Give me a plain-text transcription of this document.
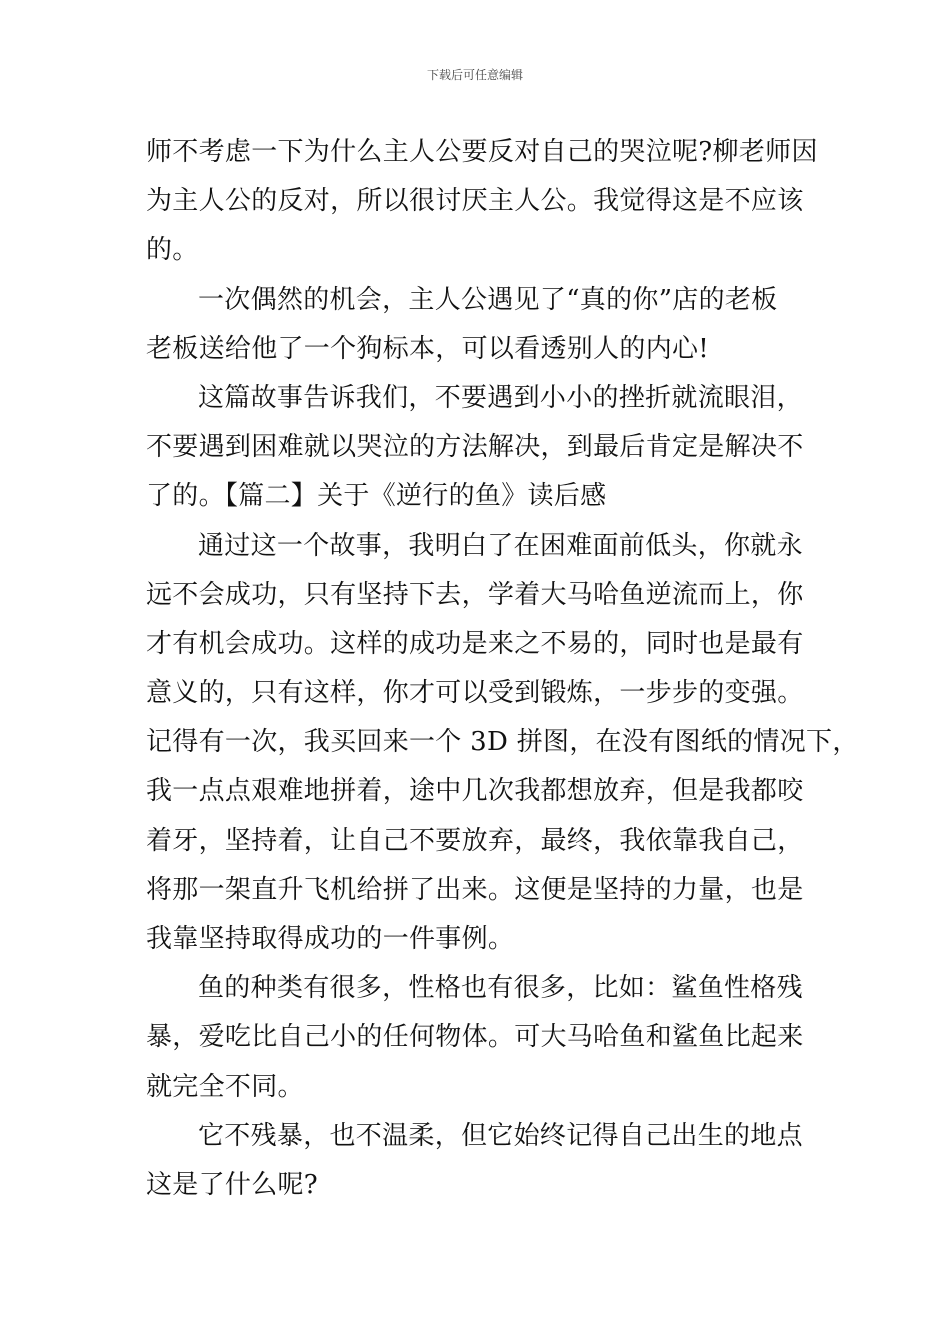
下载后可任意编辑
师不考虑一下为什么主人公要反对自己的哭泣呢?柳老师因
为主人公的反对，所以很讨厌主人公。我觉得这是不应该
的。
一次偶然的机会，主人公遇见了“真的你”店的老板
老板送给他了一个狗标本，可以看透别人的内心!
这篇故事告诉我们，不要遇到小小的挫折就流眼泪，
不要遇到困难就以哭泣的方法解决，到最后肯定是解决不
了的。【篇二】关于《逆行的鱼》读后感
通过这一个故事，我明白了在困难面前低头，你就永
远不会成功，只有坚持下去，学着大马哈鱼逆流而上，你
才有机会成功。这样的成功是来之不易的，同时也是最有
意义的，只有这样，你才可以受到锻炼，一步步的变强。
记得有一次，我买回来一个 3D 拼图，在没有图纸的情况下，
我一点点艰难地拼着，途中几次我都想放弃，但是我都咬
着牙，坚持着，让自己不要放弃，最终，我依靠我自己，
将那一架直升飞机给拼了出来。这便是坚持的力量，也是
我靠坚持取得成功的一件事例。
鱼的种类有很多，性格也有很多，比如：鲨鱼性格残
暴，爱吃比自己小的任何物体。可大马哈鱼和鲨鱼比起来
就完全不同。
它不残暴，也不温柔，但它始终记得自己出生的地点
这是了什么呢?
